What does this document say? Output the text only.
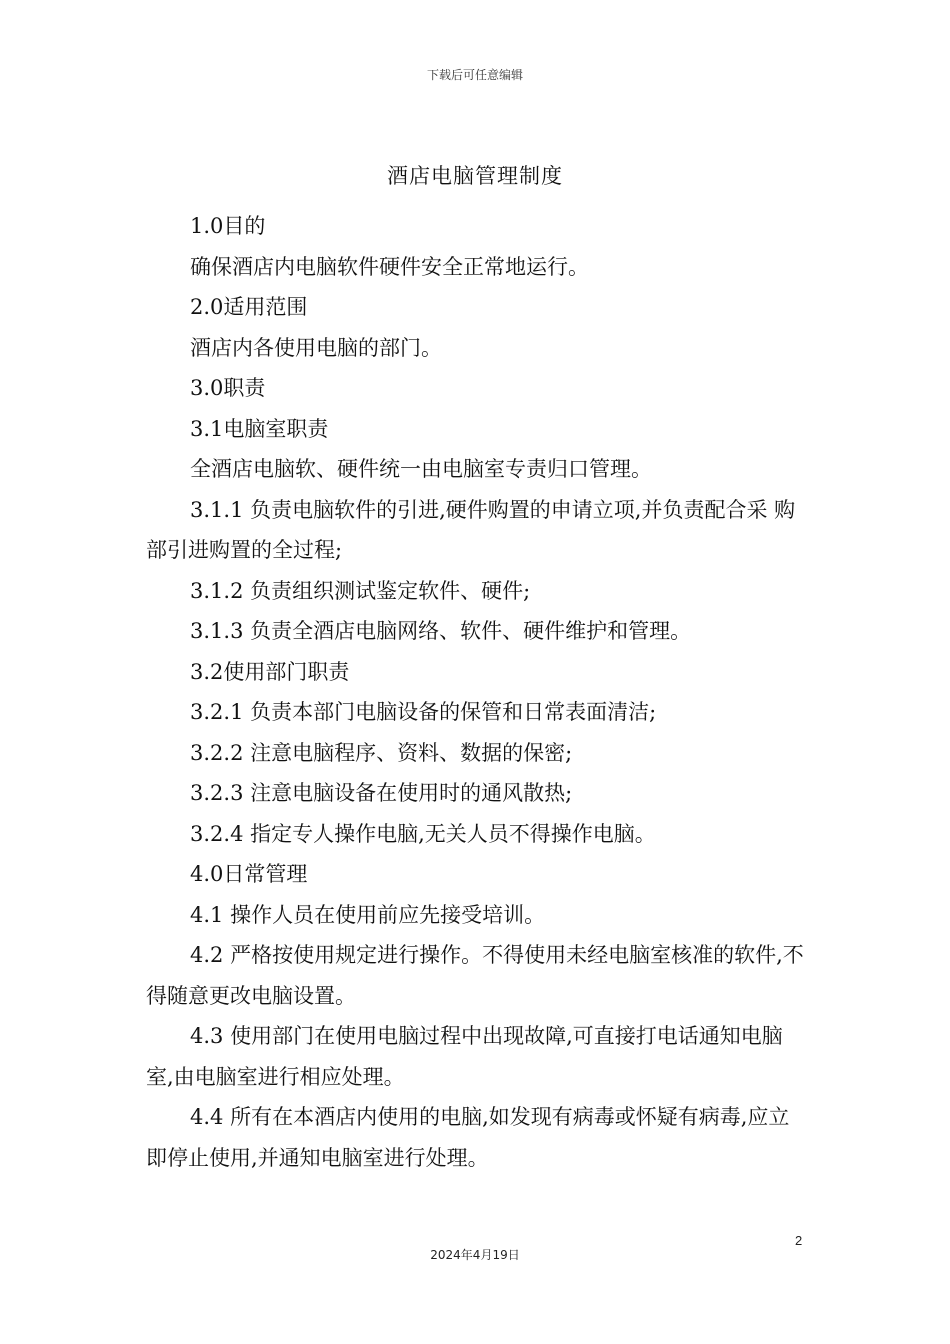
下载后可任意编辑
酒店电脑管理制度

1.0目的

确保酒店内电脑软件硬件安全正常地运行。

2.0适用范围

酒店内各使用电脑的部门。

3.0职责

3.1电脑室职责

全酒店电脑软、硬件统一由电脑室专责归口管理。

3.1.1 负责电脑软件的引进,硬件购置的申请立项,并负责配合采 购部引进购置的全过程;

3.1.2 负责组织测试鉴定软件、硬件;

3.1.3 负责全酒店电脑网络、软件、硬件维护和管理。

3.2使用部门职责

3.2.1 负责本部门电脑设备的保管和日常表面清洁;

3.2.2 注意电脑程序、资料、数据的保密;

3.2.3 注意电脑设备在使用时的通风散热;

3.2.4 指定专人操作电脑,无关人员不得操作电脑。

4.0日常管理

4.1 操作人员在使用前应先接受培训。

4.2 严格按使用规定进行操作。不得使用未经电脑室核准的软件,不得随意更改电脑设置。

4.3 使用部门在使用电脑过程中出现故障,可直接打电话通知电脑室,由电脑室进行相应处理。

4.4 所有在本酒店内使用的电脑,如发现有病毒或怀疑有病毒,应立即停止使用,并通知电脑室进行处理。

2
2024年4月19日
